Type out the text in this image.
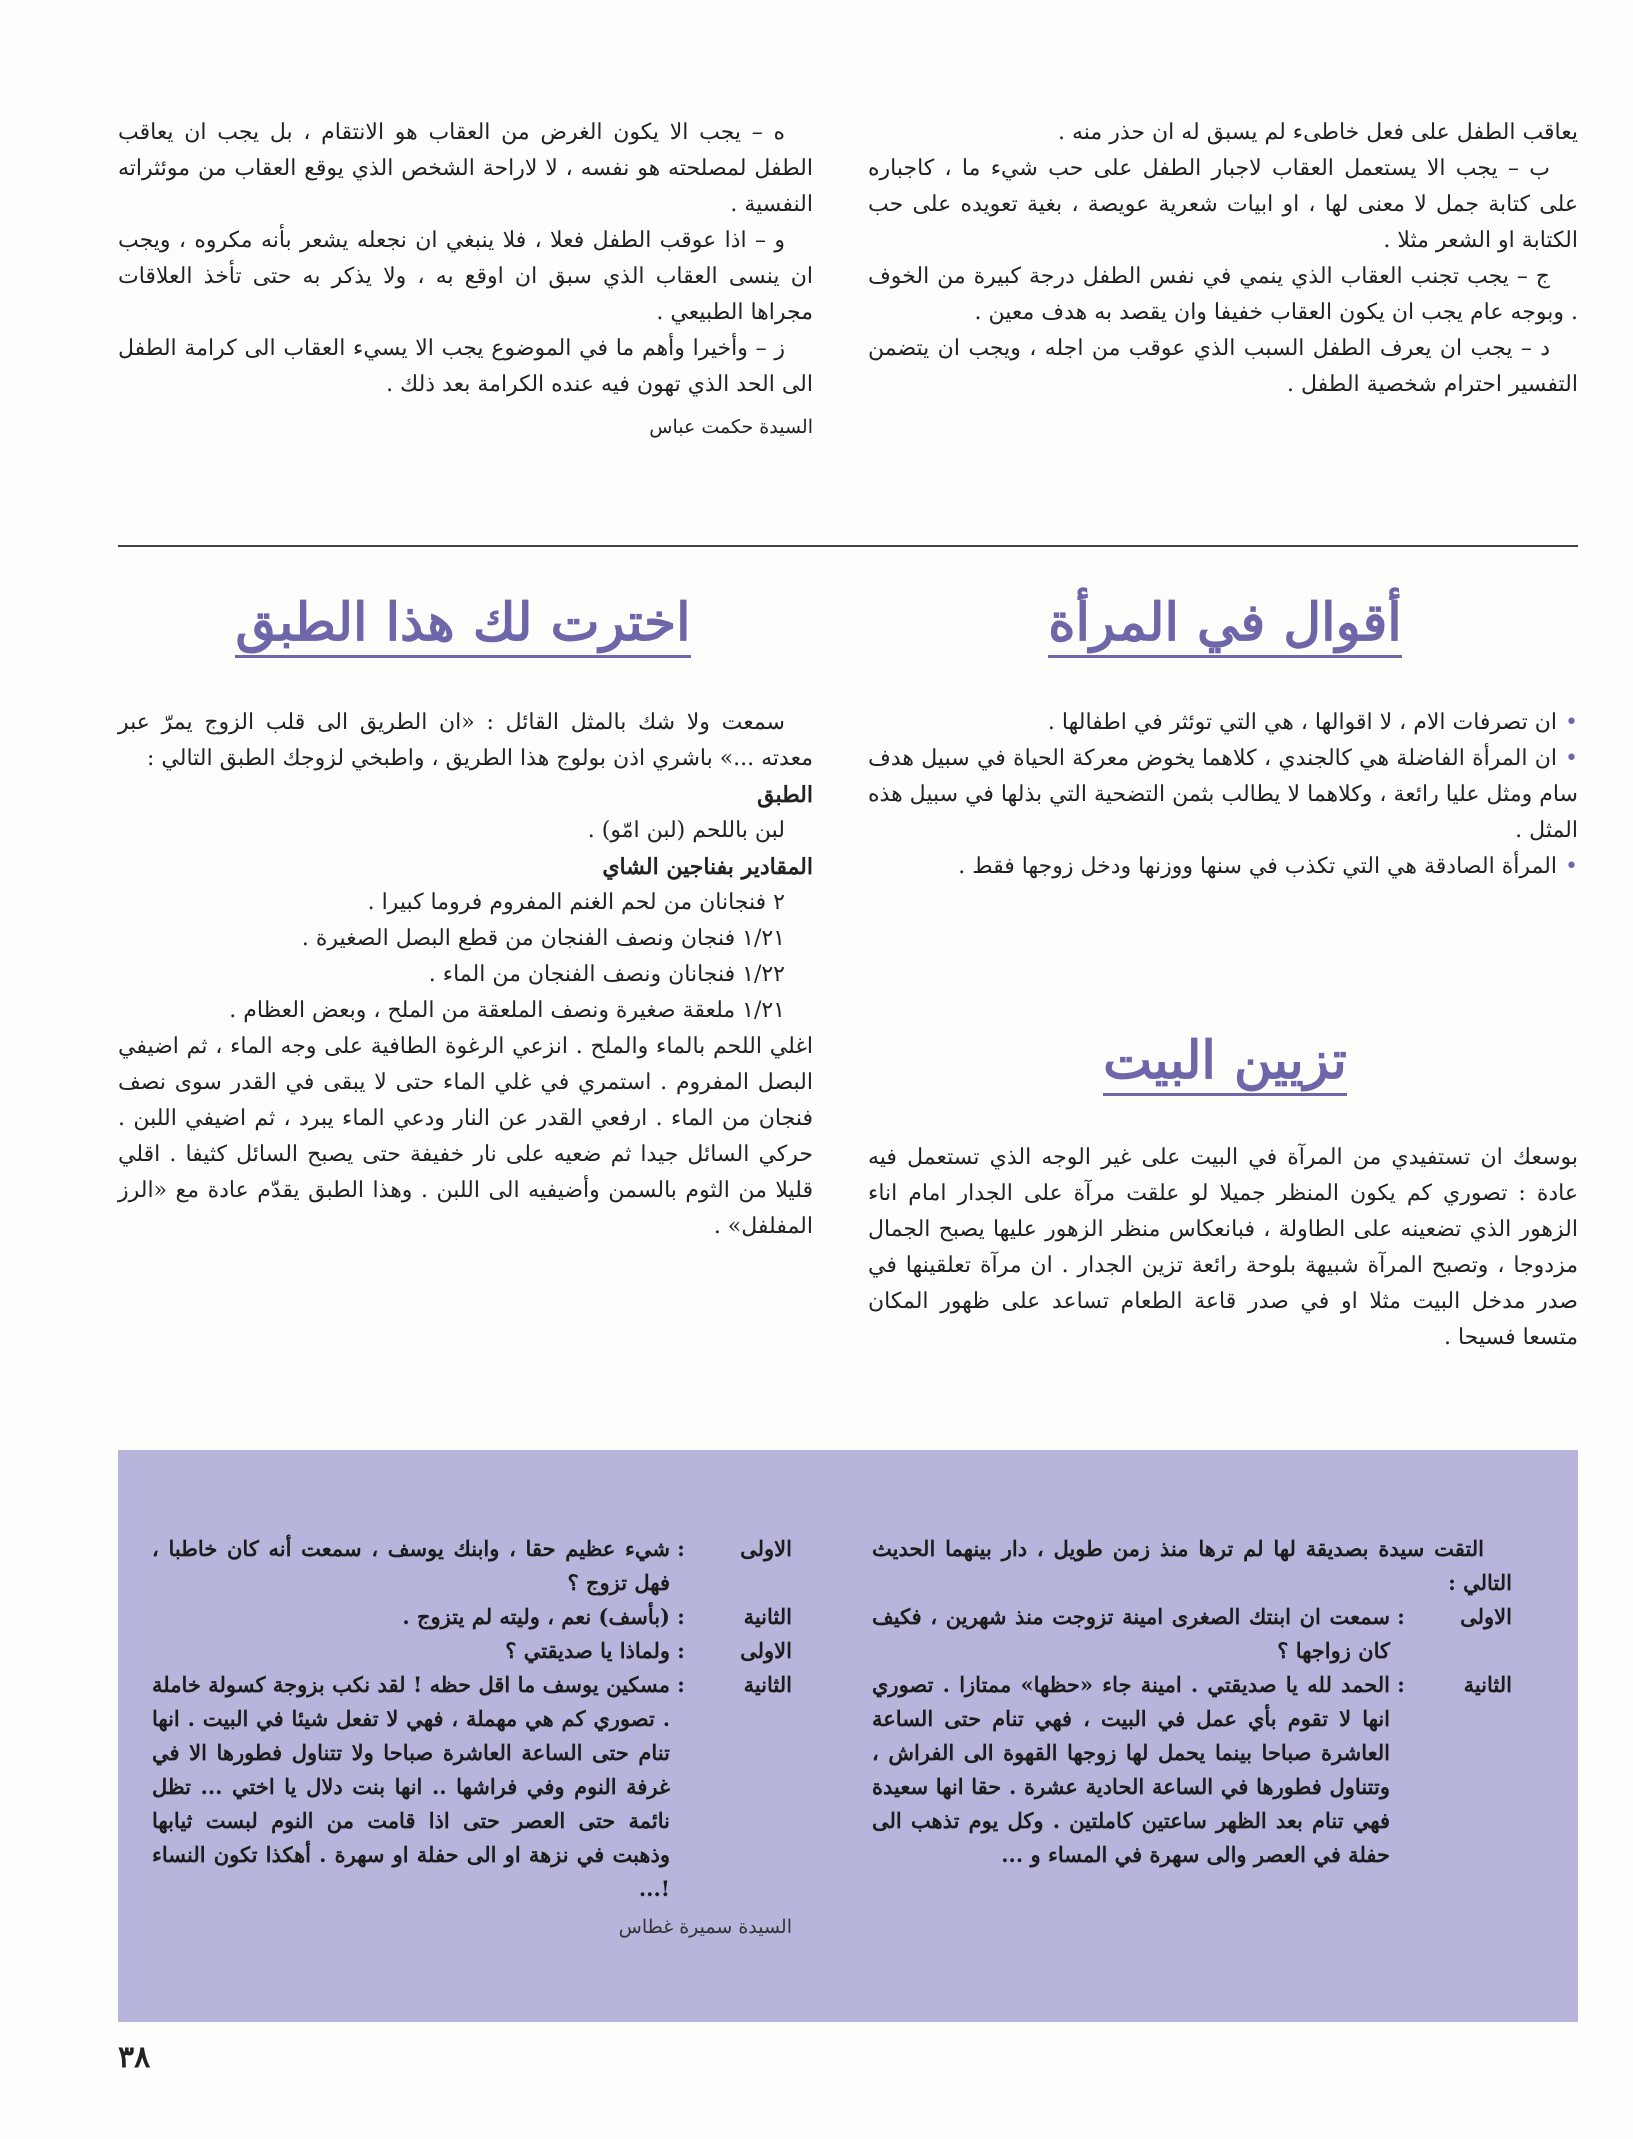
يعاقب الطفل على فعل خاطىء لم يسبق له ان حذر منه .

ب – يجب الا يستعمل العقاب لاجبار الطفل على حب شيء ما ، كاجباره على كتابة جمل لا معنى لها ، او ابيات شعرية عويصة ، بغية تعويده على حب الكتابة او الشعر مثلا .

ج – يجب تجنب العقاب الذي ينمي في نفس الطفل درجة كبيرة من الخوف . وبوجه عام يجب ان يكون العقاب خفيفا وان يقصد به هدف معين .

د – يجب ان يعرف الطفل السبب الذي عوقب من اجله ، ويجب ان يتضمن التفسير احترام شخصية الطفل .

ه – يجب الا يكون الغرض من العقاب هو الانتقام ، بل يجب ان يعاقب الطفل لمصلحته هو نفسه ، لا لاراحة الشخص الذي يوقع العقاب من موئثراته النفسية .

و – اذا عوقب الطفل فعلا ، فلا ينبغي ان نجعله يشعر بأنه مكروه ، ويجب ان ينسى العقاب الذي سبق ان اوقع به ، ولا يذكر به حتى تأخذ العلاقات مجراها الطبيعي .

ز – وأخيرا وأهم ما في الموضوع يجب الا يسيء العقاب الى كرامة الطفل الى الحد الذي تهون فيه عنده الكرامة بعد ذلك .

السيدة حكمت عباس

أقوال في المرأة

•ان تصرفات الام ، لا اقوالها ، هي التي توئثر في اطفالها .

•ان المرأة الفاضلة هي كالجندي ، كلاهما يخوض معركة الحياة في سبيل هدف سام ومثل عليا رائعة ، وكلاهما لا يطالب بثمن التضحية التي بذلها في سبيل هذه المثل .

•المرأة الصادقة هي التي تكذب في سنها ووزنها ودخل زوجها فقط .

تزيين البيت

بوسعك ان تستفيدي من المرآة في البيت على غير الوجه الذي تستعمل فيه عادة : تصوري كم يكون المنظر جميلا لو علقت مرآة على الجدار امام اناء الزهور الذي تضعينه على الطاولة ، فبانعكاس منظر الزهور عليها يصبح الجمال مزدوجا ، وتصبح المرآة شبيهة بلوحة رائعة تزين الجدار . ان مرآة تعلقينها في صدر مدخل البيت مثلا او في صدر قاعة الطعام تساعد على ظهور المكان متسعا فسيحا .

اخترت لك هذا الطبق

سمعت ولا شك بالمثل القائل : «ان الطريق الى قلب الزوج يمرّ عبر معدته ...» باشري اذن بولوج هذا الطريق ، واطبخي لزوجك الطبق التالي :

الطبق

لبن باللحم (لبن امّو) .

المقادير بفناجين الشاي

٢ فنجانان من لحم الغنم المفروم فروما كبيرا .

١/٢١ فنجان ونصف الفنجان من قطع البصل الصغيرة .

١/٢٢ فنجانان ونصف الفنجان من الماء .

١/٢١ ملعقة صغيرة ونصف الملعقة من الملح ، وبعض العظام .

اغلي اللحم بالماء والملح . انزعي الرغوة الطافية على وجه الماء ، ثم اضيفي البصل المفروم . استمري في غلي الماء حتى لا يبقى في القدر سوى نصف فنجان من الماء . ارفعي القدر عن النار ودعي الماء يبرد ، ثم اضيفي اللبن . حركي السائل جيدا ثم ضعيه على نار خفيفة حتى يصبح السائل كثيفا . اقلي قليلا من الثوم بالسمن وأضيفيه الى اللبن . وهذا الطبق يقدّم عادة مع «الرز المفلفل» .

التقت سيدة بصديقة لها لم ترها منذ زمن طويل ، دار بينهما الحديث التالي :

الاولى
:
سمعت ان ابنتك الصغرى امينة تزوجت منذ شهرين ، فكيف كان زواجها ؟
الثانية
:
الحمد لله يا صديقتي . امينة جاء «حظها» ممتازا . تصوري انها لا تقوم بأي عمل في البيت ، فهي تنام حتى الساعة العاشرة صباحا بينما يحمل لها زوجها القهوة الى الفراش ، وتتناول فطورها في الساعة الحادية عشرة . حقا انها سعيدة فهي تنام بعد الظهر ساعتين كاملتين . وكل يوم تذهب الى حفلة في العصر والى سهرة في المساء و ...
الاولى
:
شيء عظيم حقا ، وابنك يوسف ، سمعت أنه كان خاطبا ، فهل تزوج ؟
الثانية
:
(بأسف) نعم ، وليته لم يتزوج .
الاولى
:
ولماذا يا صديقتي ؟
الثانية
:
مسكين يوسف ما اقل حظه ! لقد نكب بزوجة كسولة خاملة . تصوري كم هي مهملة ، فهي لا تفعل شيئا في البيت . انها تنام حتى الساعة العاشرة صباحا ولا تتناول فطورها الا في غرفة النوم وفي فراشها .. انها بنت دلال يا اختي ... تظل نائمة حتى العصر حتى اذا قامت من النوم لبست ثيابها وذهبت في نزهة او الى حفلة او سهرة . أهكذا تكون النساء !...

السيدة سميرة غطاس

٣٨
